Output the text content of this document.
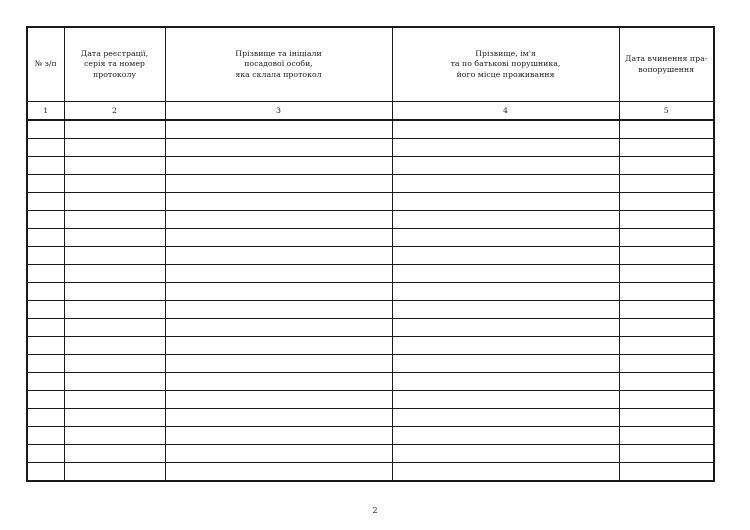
№ з/п	Дата реєстрації,
серія та номер
протоколу	Прізвище та ініціали
посадової особи,
яка склала протокол	Прізвище, ім'я
та по батькові порушника,
його місце проживання	Дата вчинення пра-
вопорушення

1	2	3	4	5

2
